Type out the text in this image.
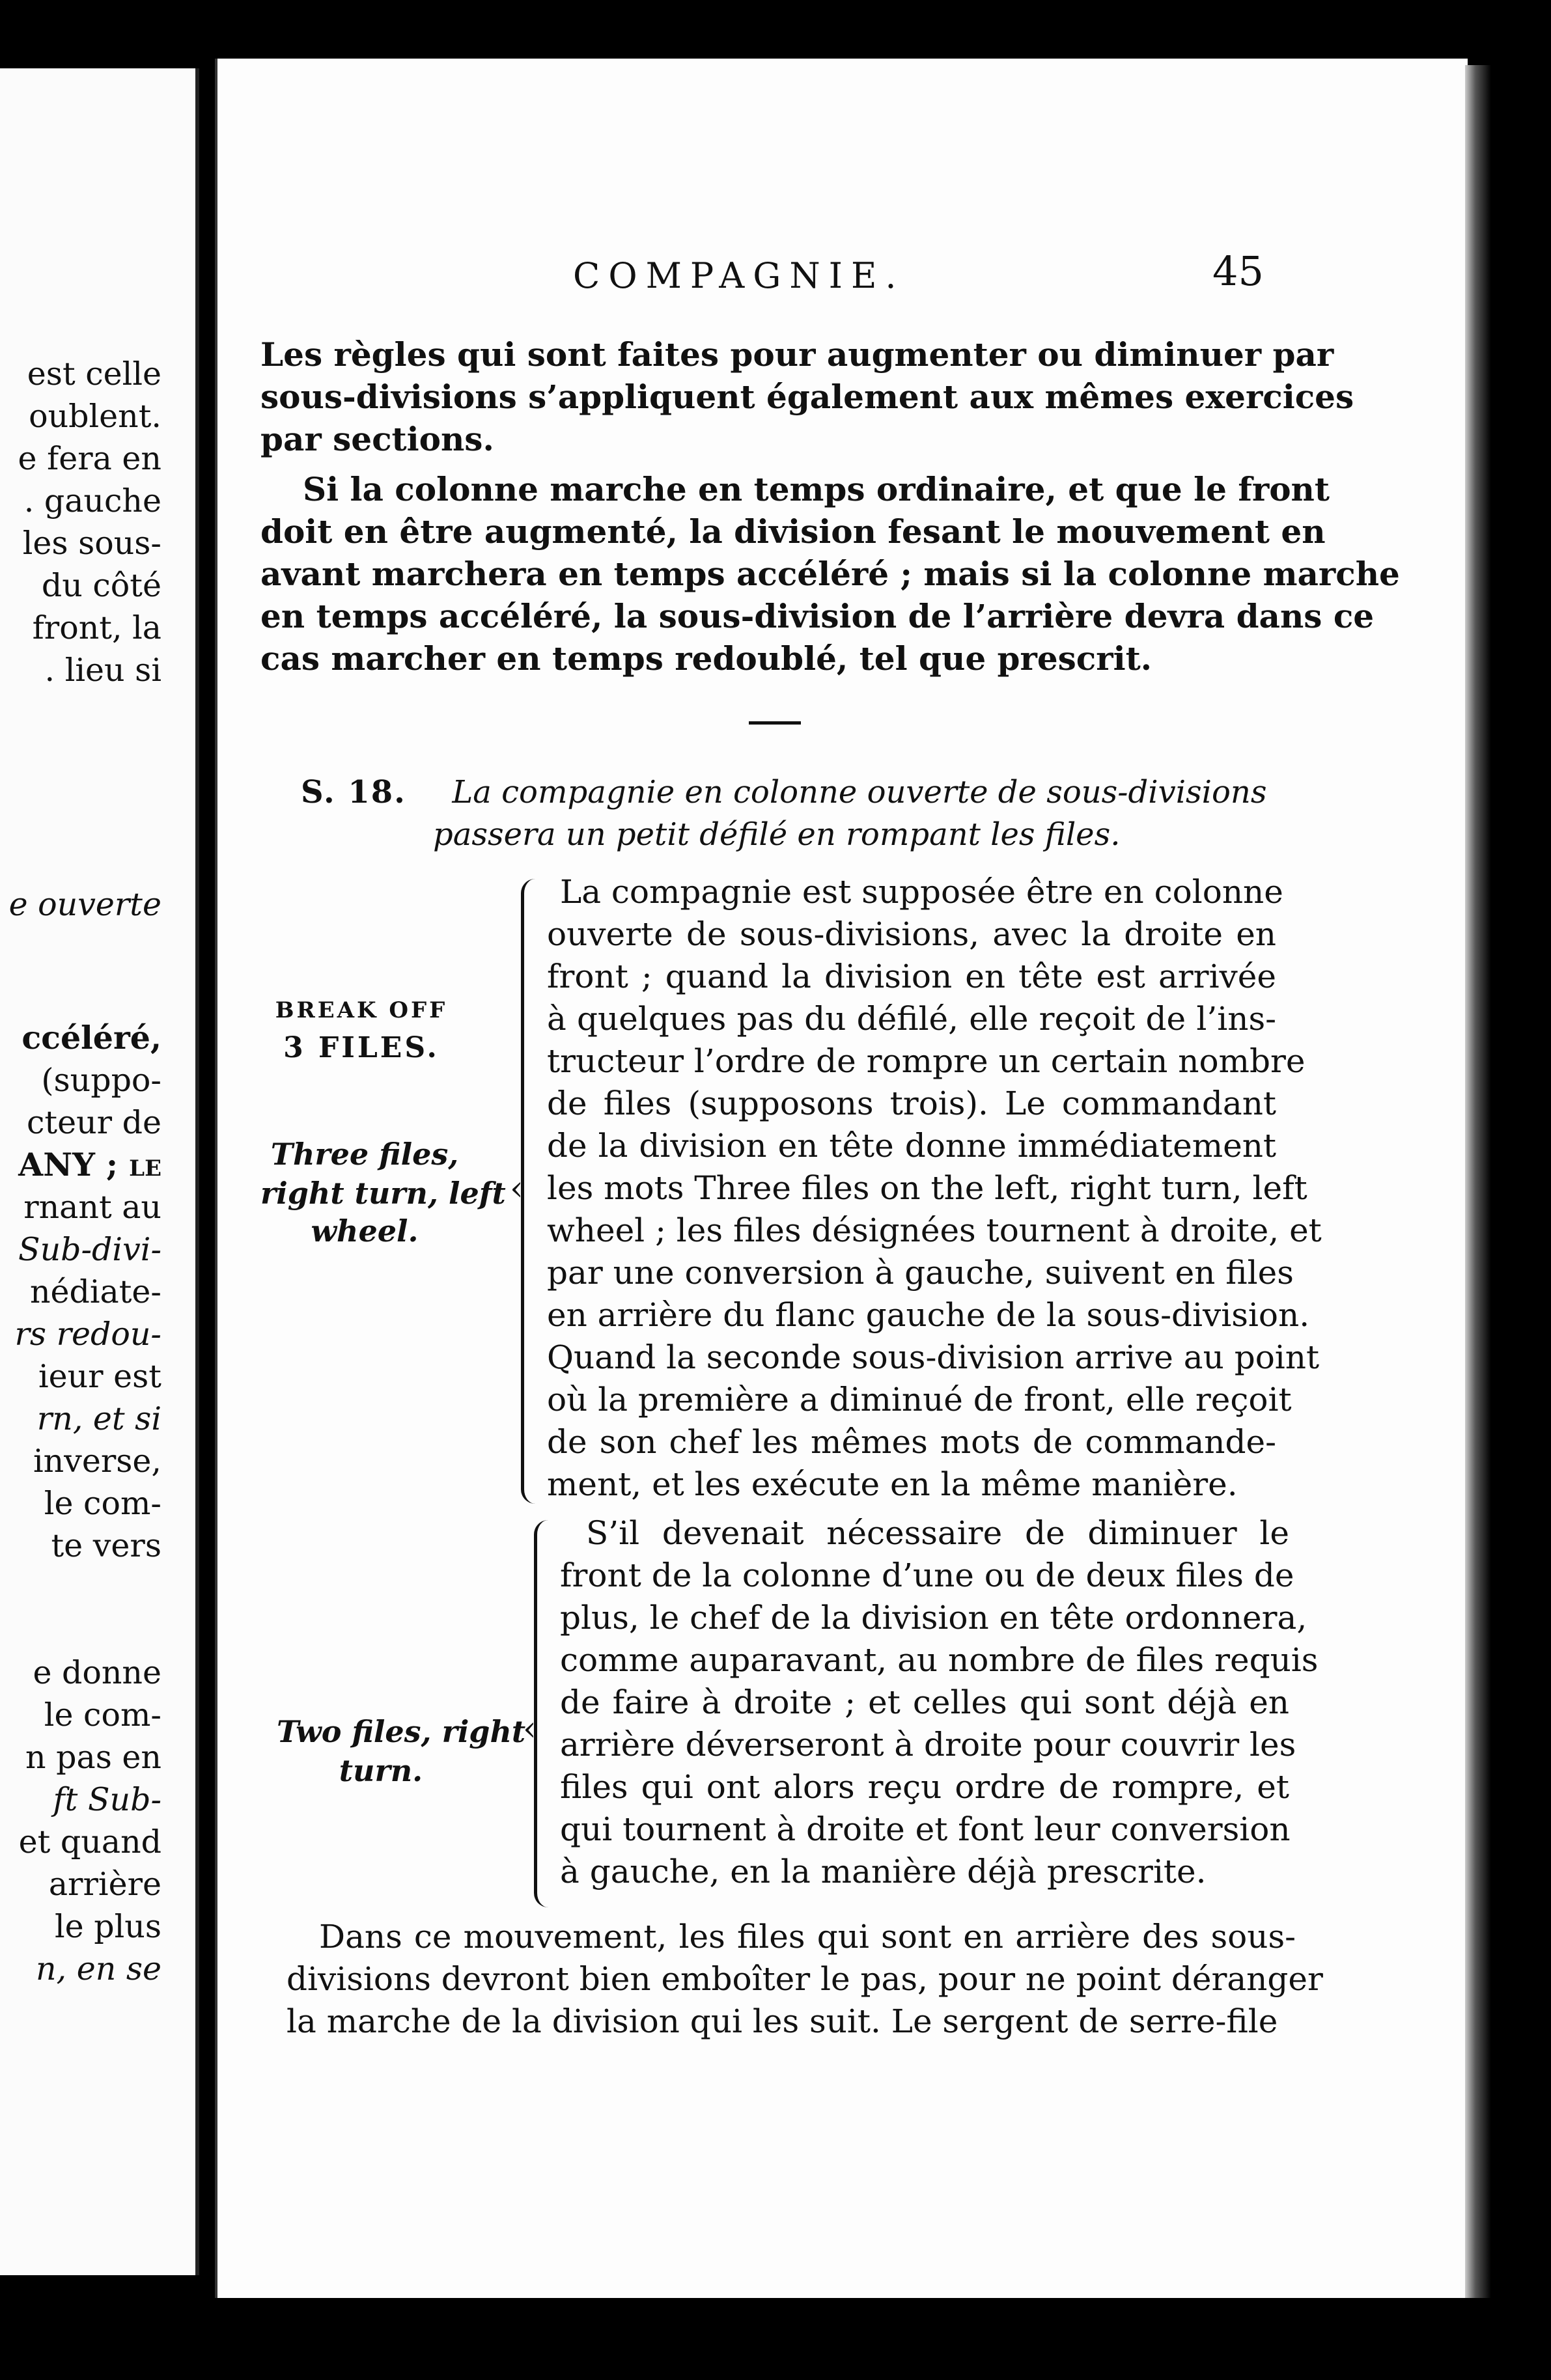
est celle
oublent.
e fera en
. gauche
les sous-
du côté
front, la
. lieu si
e ouverte
ccéléré,
(suppo-
cteur de
ANY ; le
rnant au
Sub-divi-
nédiate-
rs redou-
ieur est
rn, et si
inverse,
le com-
te vers
e donne
le com-
n pas en
ft Sub-
et quand
arrière
le plus
n, en se
COMPAGNIE.	45
Les règles qui sont faites pour augmenter ou diminuer par
sous-divisions s’appliquent également aux mêmes exercices
par sections.
Si la colonne marche en temps ordinaire, et que le front
doit en être augmenté, la division fesant le mouvement en
avant marchera en temps accéléré ; mais si la colonne marche
en temps accéléré, la sous-division de l’arrière devra dans ce
cas marcher en temps redoublé, tel que prescrit.
S. 18. La compagnie en colonne ouverte de sous-divisions
passera un petit défilé en rompant les files.
BREAK OFF
3 FILES.
Three files,
right turn, left
wheel.
Two files, right
turn.
‹
‹
La compagnie est supposée être en colonne
ouverte de sous-divisions, avec la droite en
front ; quand la division en tête est arrivée
à quelques pas du défilé, elle reçoit de l’ins-
tructeur l’ordre de rompre un certain nombre
de files (supposons trois). Le commandant
de la division en tête donne immédiatement
les mots Three files on the left, right turn, left
wheel ; les files désignées tournent à droite, et
par une conversion à gauche, suivent en files
en arrière du flanc gauche de la sous-division.
Quand la seconde sous-division arrive au point
où la première a diminué de front, elle reçoit
de son chef les mêmes mots de commande-
ment, et les exécute en la même manière.
S’il devenait nécessaire de diminuer le
front de la colonne d’une ou de deux files de
plus, le chef de la division en tête ordonnera,
comme auparavant, au nombre de files requis
de faire à droite ; et celles qui sont déjà en
arrière déverseront à droite pour couvrir les
files qui ont alors reçu ordre de rompre, et
qui tournent à droite et font leur conversion
à gauche, en la manière déjà prescrite.
Dans ce mouvement, les files qui sont en arrière des sous-
divisions devront bien emboîter le pas, pour ne point déranger
la marche de la division qui les suit. Le sergent de serre-file
